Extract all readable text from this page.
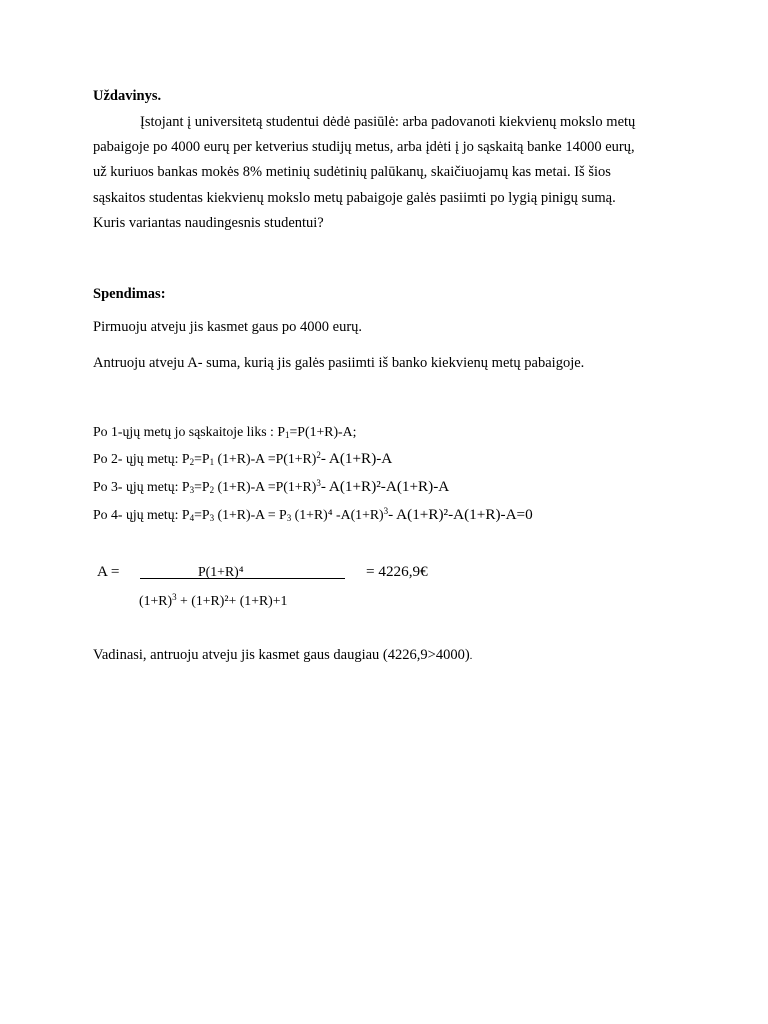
Uždavinys.
Įstojant į universitetą studentui dėdė pasiūlė: arba padovanoti kiekvienų mokslo metų
pabaigoje po 4000 eurų per ketverius studijų metus, arba įdėti į jo sąskaitą banke 14000 eurų,
už kuriuos bankas mokės 8% metinių sudėtinių palūkanų, skaičiuojamų kas metai. Iš šios
sąskaitos studentas kiekvienų mokslo metų pabaigoje galės pasiimti po lygią pinigų sumą.
Kuris variantas naudingesnis studentui?
Spendimas:
Pirmuoju atveju jis kasmet gaus po 4000 eurų.
Antruoju atveju A- suma, kurią jis galės pasiimti iš banko kiekvienų metų pabaigoje.
Po 1-ųjų metų jo sąskaitoje liks : $P_1=P(1+R)-A$;
Po 2- ųjų metų: $P_2=P_1$ $(1+R)-A =P(1+R)^2-$ A(1+R)-A
Po 3- ųjų metų: $P_3=P_2$ $(1+R)-A =P(1+R)^3-$ A(1+R)²-A(1+R)-A
Po 4- ųjų metų: $P_4=P_3$ $(1+R)-A = P_3$ (1+R)⁴ $-A(1+R)^3-$ A(1+R)²-A(1+R)-A=0
A =	P(1+R)⁴	= 4226,9€
$(1+R)^3 + (1+R)^2+ (1+R)+1$
Vadinasi, antruoju atveju jis kasmet gaus daugiau (4226,9>4000).
